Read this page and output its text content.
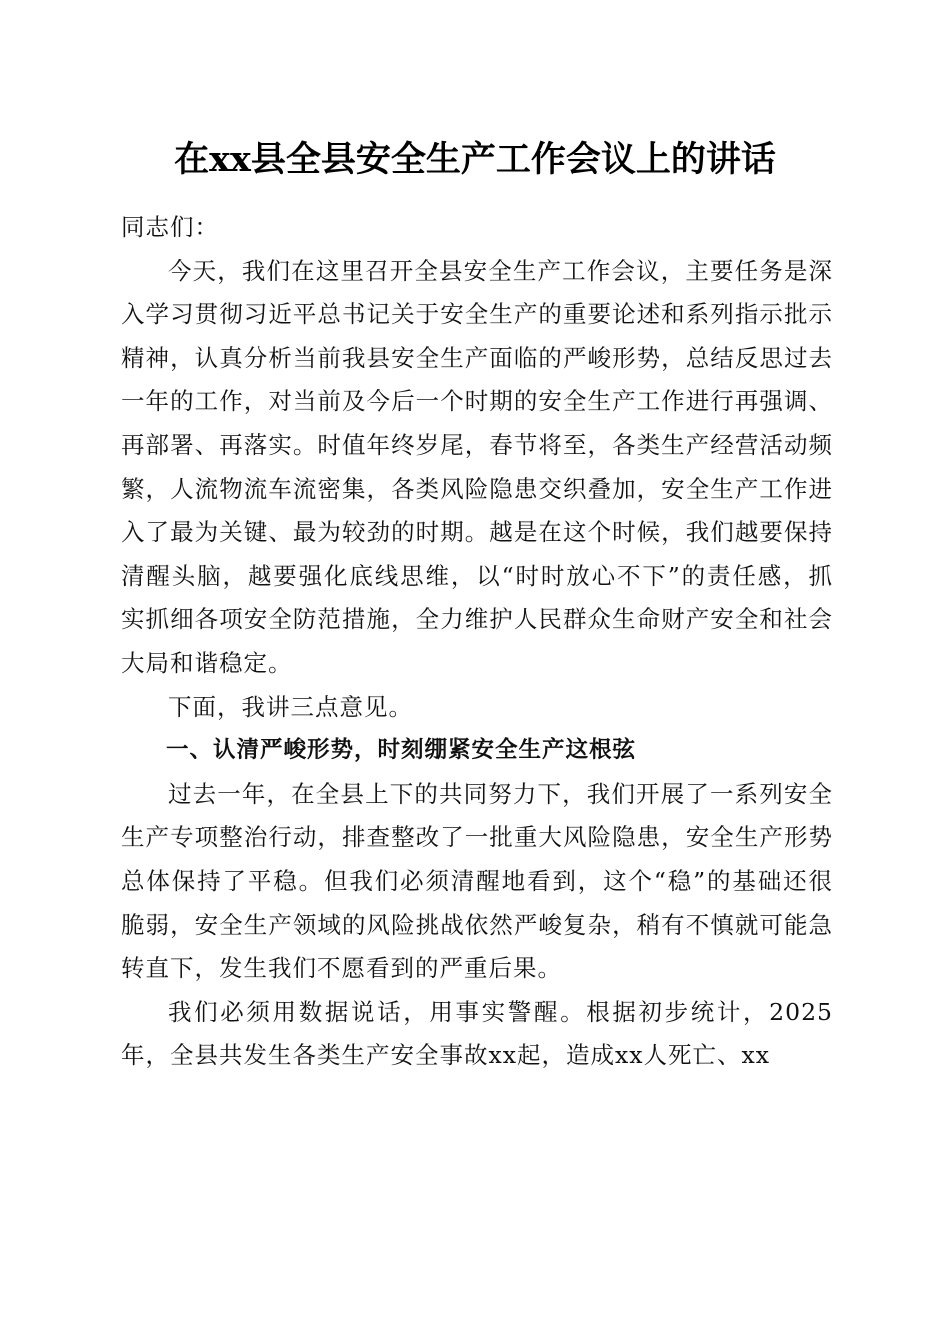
在xx县全县安全生产工作会议上的讲话

同志们：

今天，我们在这里召开全县安全生产工作会议，主要任务是深入学习贯彻习近平总书记关于安全生产的重要论述和系列指示批示精神，认真分析当前我县安全生产面临的严峻形势，总结反思过去一年的工作，对当前及今后一个时期的安全生产工作进行再强调、再部署、再落实。时值年终岁尾，春节将至，各类生产经营活动频繁，人流物流车流密集，各类风险隐患交织叠加，安全生产工作进入了最为关键、最为较劲的时期。越是在这个时候，我们越要保持清醒头脑，越要强化底线思维，以“时时放心不下”的责任感，抓实抓细各项安全防范措施，全力维护人民群众生命财产安全和社会大局和谐稳定。

下面，我讲三点意见。

一、认清严峻形势，时刻绷紧安全生产这根弦

过去一年，在全县上下的共同努力下，我们开展了一系列安全生产专项整治行动，排查整改了一批重大风险隐患，安全生产形势总体保持了平稳。但我们必须清醒地看到，这个“稳”的基础还很脆弱，安全生产领域的风险挑战依然严峻复杂，稍有不慎就可能急转直下，发生我们不愿看到的严重后果。

我们必须用数据说话，用事实警醒。根据初步统计，2025年，全县共发生各类生产安全事故xx起，造成xx人死亡、xx
